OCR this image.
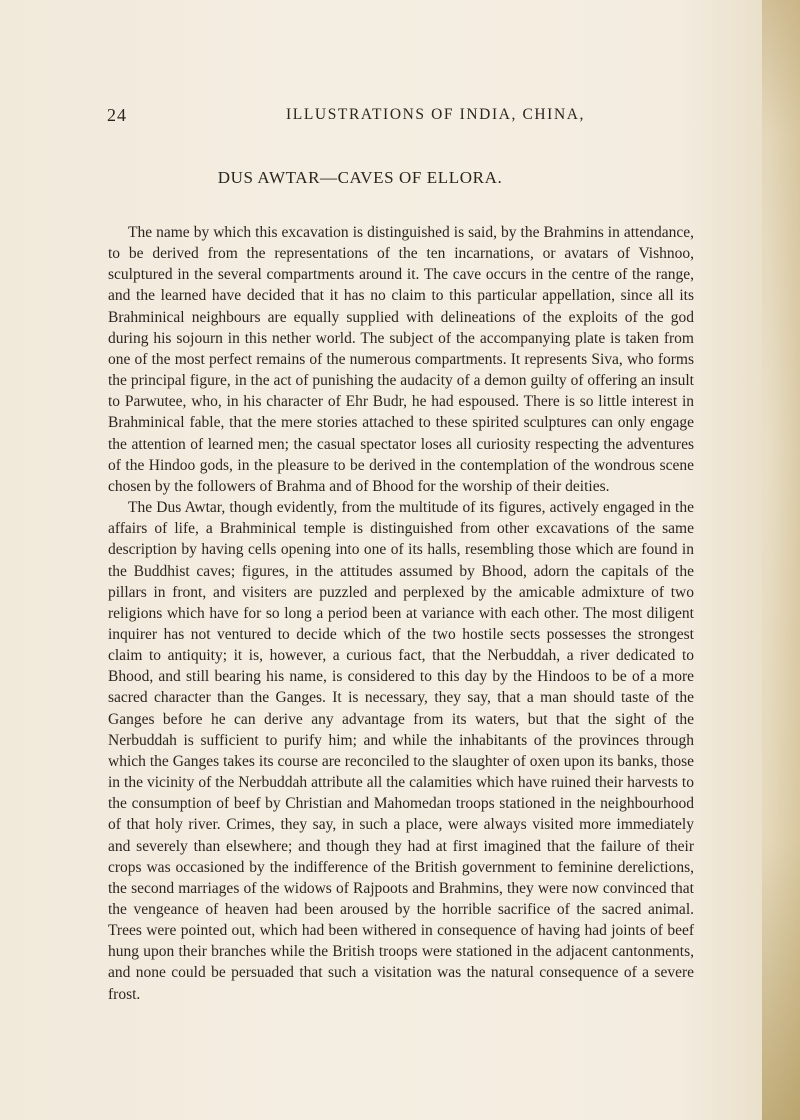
24	ILLUSTRATIONS OF INDIA, CHINA,
DUS AWTAR—CAVES OF ELLORA.

The name by which this excavation is distinguished is said, by the Brahmins in attendance, to be derived from the representations of the ten incarnations, or avatars of Vishnoo, sculptured in the several compartments around it. The cave occurs in the centre of the range, and the learned have decided that it has no claim to this particular appellation, since all its Brahminical neighbours are equally supplied with delineations of the exploits of the god during his sojourn in this nether world. The subject of the accompanying plate is taken from one of the most perfect remains of the numerous compartments. It represents Siva, who forms the principal figure, in the act of punishing the audacity of a demon guilty of offering an insult to Parwutee, who, in his character of Ehr Budr, he had espoused. There is so little interest in Brahminical fable, that the mere stories attached to these spirited sculptures can only engage the attention of learned men; the casual spectator loses all curiosity respecting the adventures of the Hindoo gods, in the pleasure to be derived in the contemplation of the wondrous scene chosen by the followers of Brahma and of Bhood for the worship of their deities.

The Dus Awtar, though evidently, from the multitude of its figures, actively engaged in the affairs of life, a Brahminical temple is distinguished from other excavations of the same description by having cells opening into one of its halls, resembling those which are found in the Buddhist caves; figures, in the attitudes assumed by Bhood, adorn the capitals of the pillars in front, and visiters are puzzled and perplexed by the amicable admixture of two religions which have for so long a period been at variance with each other. The most diligent inquirer has not ventured to decide which of the two hostile sects possesses the strongest claim to antiquity; it is, however, a curious fact, that the Nerbuddah, a river dedicated to Bhood, and still bearing his name, is considered to this day by the Hindoos to be of a more sacred character than the Ganges. It is necessary, they say, that a man should taste of the Ganges before he can derive any advantage from its waters, but that the sight of the Nerbuddah is sufficient to purify him; and while the inhabitants of the provinces through which the Ganges takes its course are reconciled to the slaughter of oxen upon its banks, those in the vicinity of the Nerbuddah attribute all the calamities which have ruined their harvests to the consumption of beef by Christian and Mahomedan troops stationed in the neighbourhood of that holy river. Crimes, they say, in such a place, were always visited more immediately and severely than elsewhere; and though they had at first imagined that the failure of their crops was occasioned by the indifference of the British government to feminine derelictions, the second marriages of the widows of Rajpoots and Brahmins, they were now convinced that the vengeance of heaven had been aroused by the horrible sacrifice of the sacred animal. Trees were pointed out, which had been withered in consequence of having had joints of beef hung upon their branches while the British troops were stationed in the adjacent cantonments, and none could be persuaded that such a visitation was the natural consequence of a severe frost.
